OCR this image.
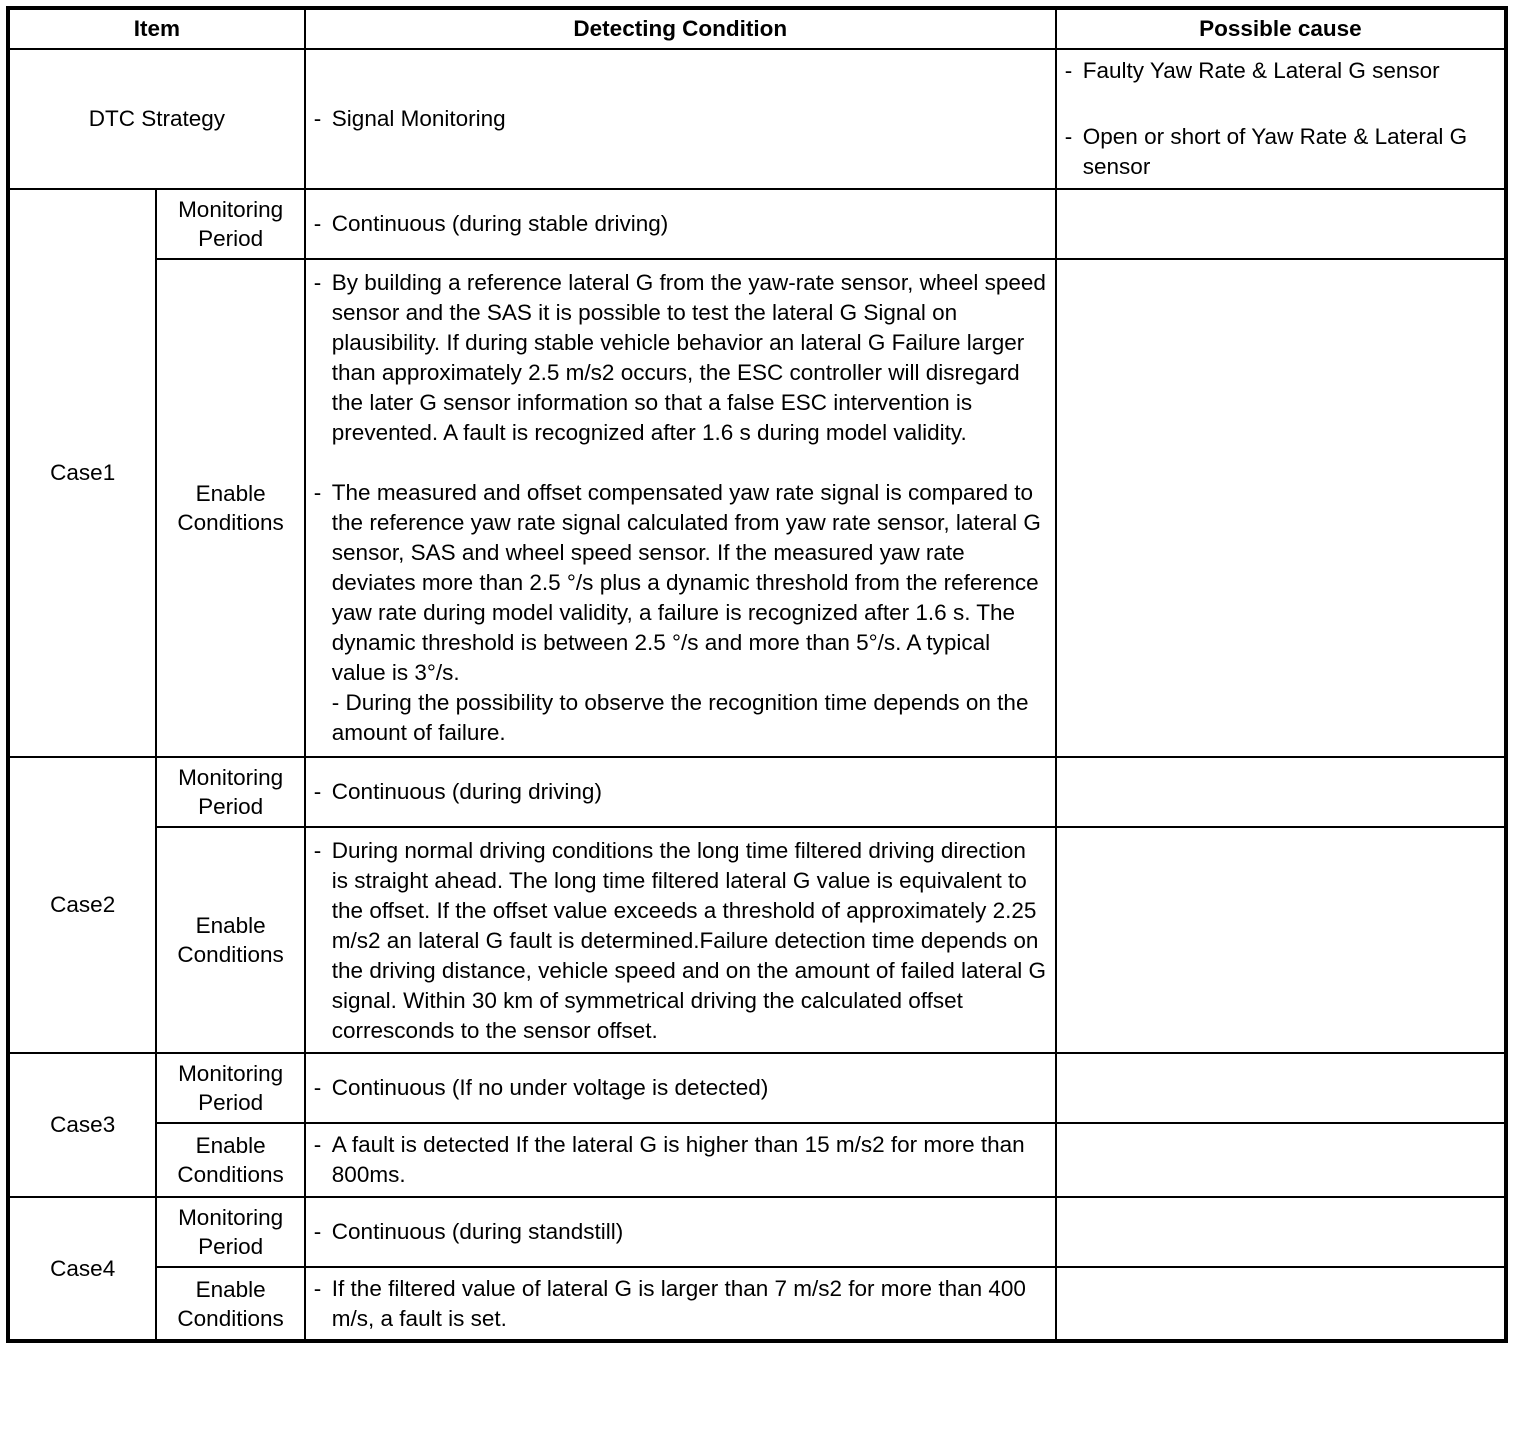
Item		Detecting Condition	Possible cause
DTC Strategy		- Signal Monitoring	- Faulty Yaw Rate & Lateral G sensor
- Open or short of Yaw Rate & Lateral G sensor

Case1	Monitoring Period	- Continuous (during stable driving)

	Enable Conditions	- By building a reference lateral G from the yaw-rate sensor, wheel speed sensor and the SAS it is possible to test the lateral G Signal on plausibility. If during stable vehicle behavior an lateral G Failure larger than approximately 2.5 m/s2 occurs, the ESC controller will disregard the later G sensor information so that a false ESC intervention is prevented. A fault is recognized after 1.6 s during model validity.
- The measured and offset compensated yaw rate signal is compared to the reference yaw rate signal calculated from yaw rate sensor, lateral G sensor, SAS and wheel speed sensor. If the measured yaw rate deviates more than 2.5 °/s plus a dynamic threshold from the reference yaw rate during model validity, a failure is recognized after 1.6 s. The dynamic threshold is between 2.5 °/s and more than 5°/s. A typical value is 3°/s.
- During the possibility to observe the recognition time depends on the amount of failure.

Case2	Monitoring Period	- Continuous (during driving)

	Enable Conditions	- During normal driving conditions the long time filtered driving direction is straight ahead. The long time filtered lateral G value is equivalent to the offset. If the offset value exceeds a threshold of approximately 2.25 m/s2 an lateral G fault is determined.Failure detection time depends on the driving distance, vehicle speed and on the amount of failed lateral G signal. Within 30 km of symmetrical driving the calculated offset corresconds to the sensor offset.

Case3	Monitoring Period	- Continuous (If no under voltage is detected)

	Enable Conditions	- A fault is detected If the lateral G is higher than 15 m/s2 for more than 800ms.

Case4	Monitoring Period	- Continuous (during standstill)

	Enable Conditions	- If the filtered value of lateral G is larger than 7 m/s2 for more than 400 m/s, a fault is set.
